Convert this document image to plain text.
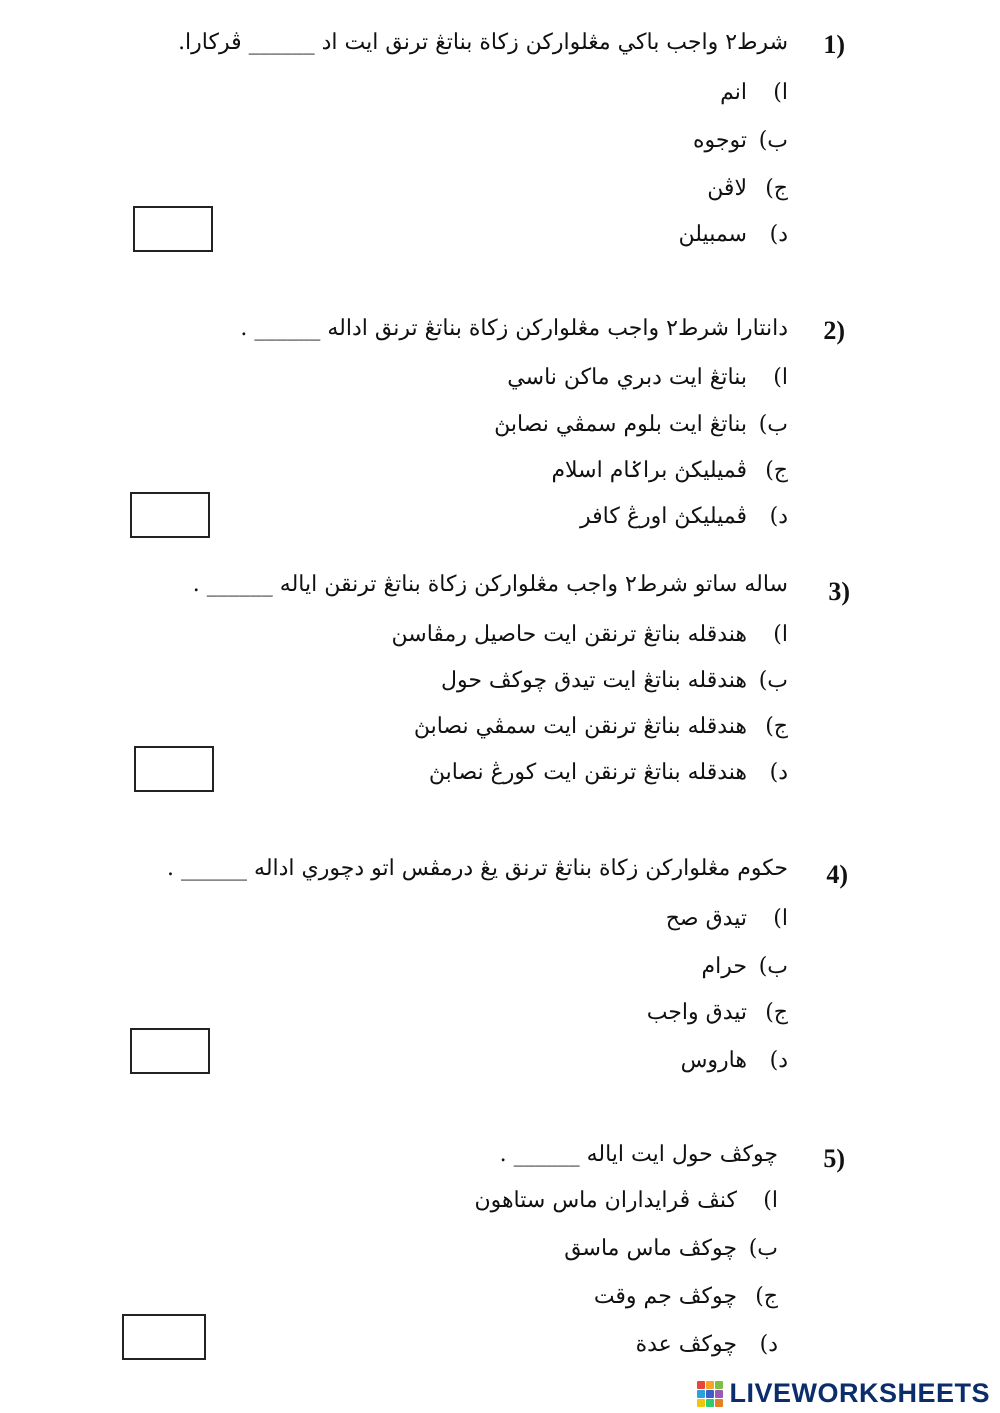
1)
شرط٢ واجب باكي مڠلواركن زكاة بناتڠ ترنق ايت اد ______ ڤركارا.
ا) انم
ب) توجوه
ج) لاڤن
د) سمبيلن
2)
دانتارا شرط٢ واجب مڠلواركن زكاة بناتڠ ترنق اداله ______ .
ا) بناتڠ ايت دبري ماكن ناسي
ب) بناتڠ ايت بلوم سمڤي نصابڽ
ج) ڤميليكڽ براݢام اسلام
د) ڤميليكڽ اورڠ كافر
3)
ساله ساتو شرط٢ واجب مڠلواركن زكاة بناتڠ ترنقن اياله ______ .
ا) هندقله بناتڠ ترنقن ايت حاصيل رمڤاسن
ب) هندقله بناتڠ ايت تيدق چوكڤ حول
ج) هندقله بناتڠ ترنقن ايت سمڤي نصابڽ
د) هندقله بناتڠ ترنقن ايت كورڠ نصابڽ
4)
حكوم مڠلواركن زكاة بناتڠ ترنق يڠ درمڤس اتو دچوري اداله ______ .
ا) تيدق صح
ب) حرام
ج) تيدق واجب
د) هاروس
5)
چوكڤ حول ايت اياله ______ .
ا) كنڤ ڤرايداران ماس ستاهون
ب) چوكڤ ماس ماسق
ج) چوكڤ جم وقت
د) چوكڤ عدة
LIVEWORKSHEETS
